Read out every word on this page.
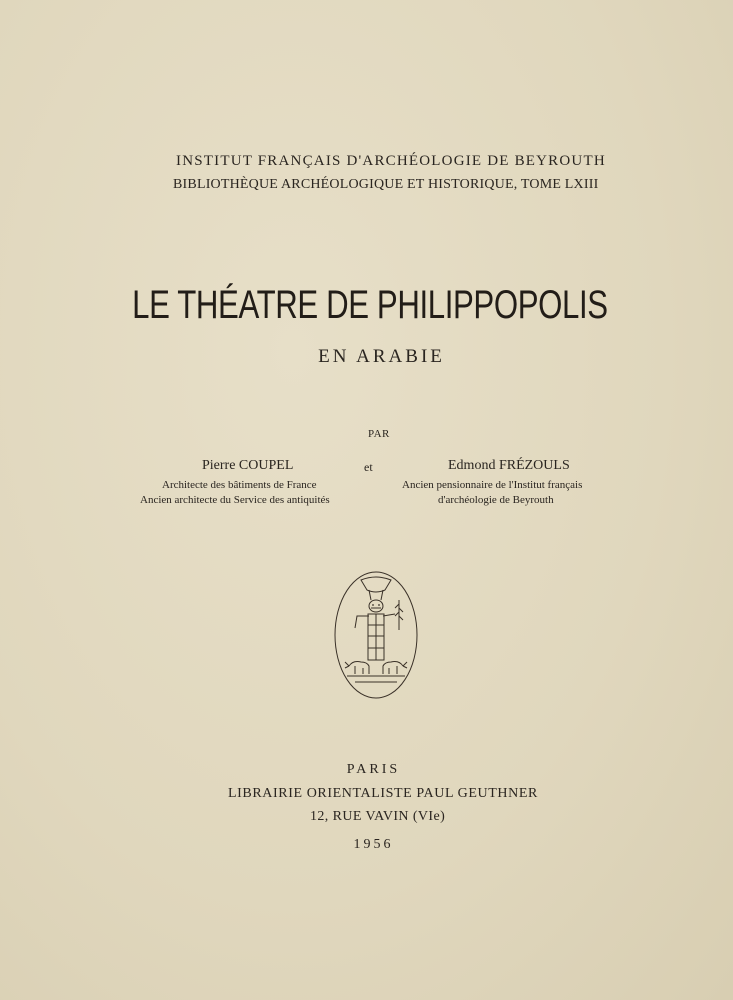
INSTITUT FRANÇAIS D'ARCHÉOLOGIE DE BEYROUTH
BIBLIOTHÈQUE ARCHÉOLOGIQUE ET HISTORIQUE, TOME LXIII
LE THÉATRE DE PHILIPPOPOLIS
EN ARABIE
PAR
Pierre COUPEL	et	Edmond FRÉZOULS
Architecte des bâtiments de France
Ancien architecte du Service des antiquités
Ancien pensionnaire de l'Institut français
d'archéologie de Beyrouth
PARIS
LIBRAIRIE ORIENTALISTE PAUL GEUTHNER
12, RUE VAVIN (VIe)
1956
